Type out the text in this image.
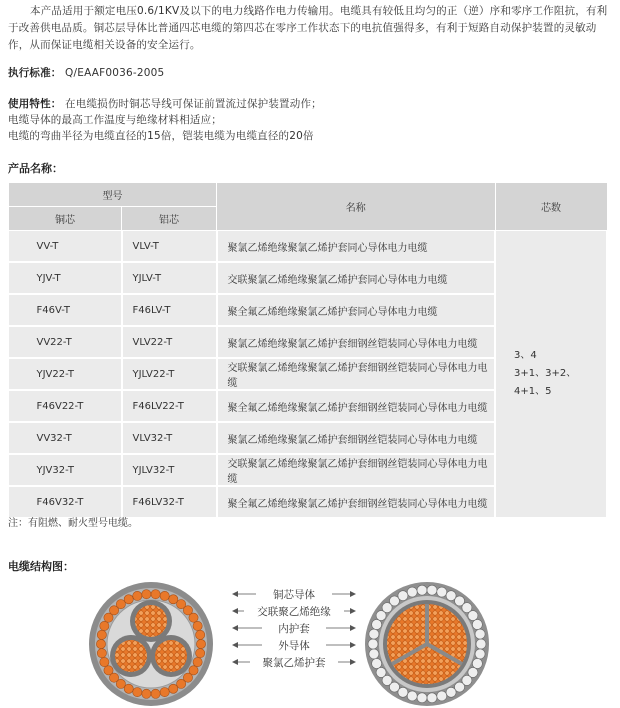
本产品适用于额定电压0.6/1KV及以下的电力线路作电力传输用。电缆具有较低且均匀的正（逆）序和零序工作阻抗，有利于改善供电品质。铜芯层导体比普通四芯电缆的第四芯在零序工作状态下的电抗值强得多，有利于短路自动保护装置的灵敏动作，从而保证电缆相关设备的安全运行。
执行标准： Q/EAAF0036-2005
使用特性： 在电缆损伤时铜芯导线可保证前置流过保护装置动作；
电缆导体的最高工作温度与绝缘材料相适应；
电缆的弯曲半径为电缆直径的15倍，铠装电缆为电缆直径的20倍
产品名称：
型号		名称	芯数
铜芯	铝芯		
VV-T	VLV-T	聚氯乙烯绝缘聚氯乙烯护套同心导体电力电缆	3、4
3+1、3+2、
4+1、5

YJV-T	YJLV-T	交联聚氯乙烯绝缘聚氯乙烯护套同心导体电力电缆	
F46V-T	F46LV-T	聚全氟乙烯绝缘聚氯乙烯护套同心导体电力电缆	
VV22-T	VLV22-T	聚氯乙烯绝缘聚氯乙烯护套细钢丝铠装同心导体电力电缆	
YJV22-T	YJLV22-T	交联聚氯乙烯绝缘聚氯乙烯护套细钢丝铠装同心导体电力电缆	
F46V22-T	F46LV22-T	聚全氟乙烯绝缘聚氯乙烯护套细钢丝铠装同心导体电力电缆	
VV32-T	VLV32-T	聚氯乙烯绝缘聚氯乙烯护套细钢丝铠装同心导体电力电缆	
YJV32-T	YJLV32-T	交联聚氯乙烯绝缘聚氯乙烯护套细钢丝铠装同心导体电力电缆	
F46V32-T	F46LV32-T	聚全氟乙烯绝缘聚氯乙烯护套细钢丝铠装同心导体电力电缆	
注：有阻燃、耐火型号电缆。
电缆结构图：
铜芯导体
交联聚乙烯绝缘
内护套
外导体
聚氯乙烯护套
